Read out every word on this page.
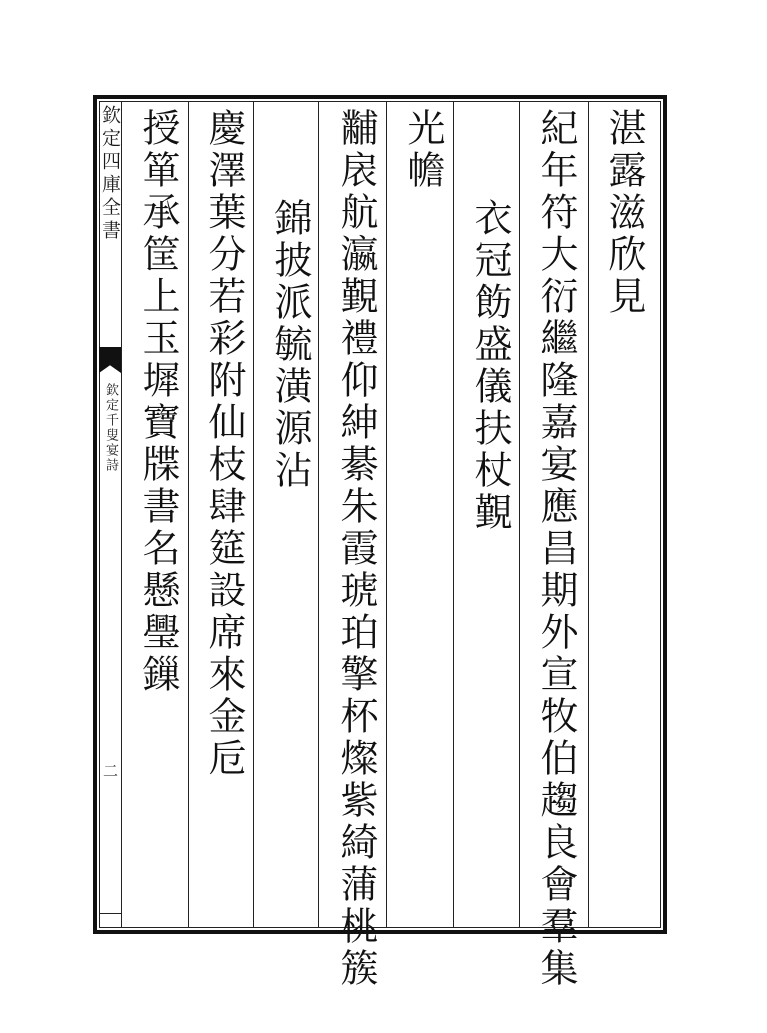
欽定四庫全書
欽定千叟宴詩
二
湛露滋欣見
紀年符大衍繼隆嘉宴應昌期外宣牧伯趨良會羣集
衣冠飭盛儀扶杖覲
光幨
黼扆航瀛覲禮仰紳綦朱霞琥珀擎杯燦紫綺蒲桃簇
錦披派毓潢源沾
慶澤葉分若彩附仙枝肆筵設席來金卮
授箪承筐上玉墀寶牒書名懸璺鏁
